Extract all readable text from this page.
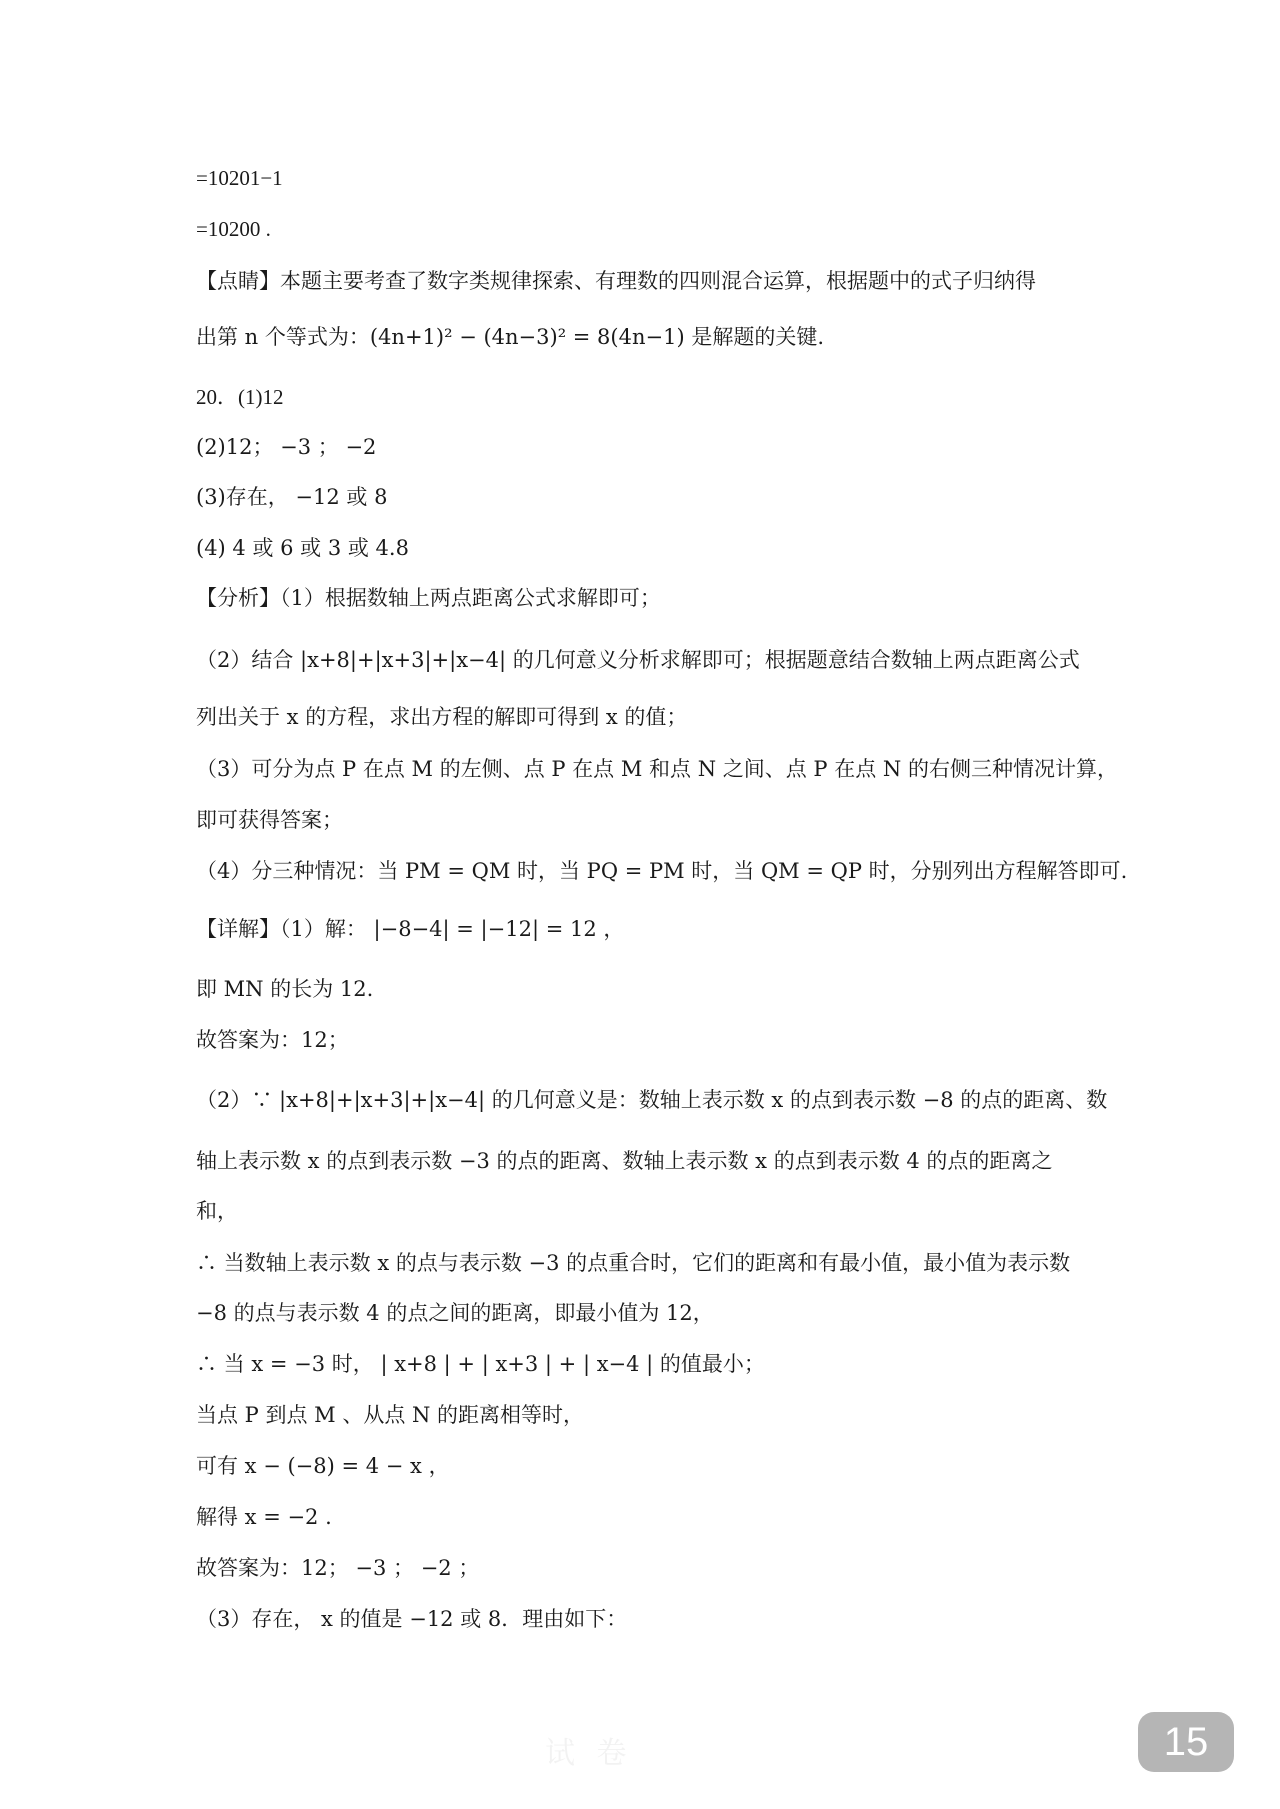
=10201−1
=10200 .
【点睛】本题主要考查了数字类规律探索、有理数的四则混合运算，根据题中的式子归纳得
出第 n 个等式为：(4n+1)² − (4n−3)² = 8(4n−1) 是解题的关键.
20．(1)12
(2)12； −3 ； −2
(3)存在， −12 或 8
(4) 4 或 6 或 3 或 4.8
【分析】（1）根据数轴上两点距离公式求解即可；
（2）结合 |x+8|+|x+3|+|x−4| 的几何意义分析求解即可；根据题意结合数轴上两点距离公式
列出关于 x 的方程，求出方程的解即可得到 x 的值；
（3）可分为点 P 在点 M 的左侧、点 P 在点 M 和点 N 之间、点 P 在点 N 的右侧三种情况计算，
即可获得答案；
（4）分三种情况：当 PM = QM 时，当 PQ = PM 时，当 QM = QP 时，分别列出方程解答即可.
【详解】（1）解： |−8−4| = |−12| = 12 ，
即 MN 的长为 12.
故答案为：12；
（2）∵ |x+8|+|x+3|+|x−4| 的几何意义是：数轴上表示数 x 的点到表示数 −8 的点的距离、数
轴上表示数 x 的点到表示数 −3 的点的距离、数轴上表示数 x 的点到表示数 4 的点的距离之
和，
∴ 当数轴上表示数 x 的点与表示数 −3 的点重合时，它们的距离和有最小值，最小值为表示数
−8 的点与表示数 4 的点之间的距离，即最小值为 12，
∴ 当 x = −3 时， | x+8 | + | x+3 | + | x−4 | 的值最小；
当点 P 到点 M 、从点 N 的距离相等时，
可有 x − (−8) = 4 − x ，
解得 x = −2 .
故答案为：12； −3 ； −2 ；
（3）存在， x 的值是 −12 或 8．理由如下：
试 卷	15
